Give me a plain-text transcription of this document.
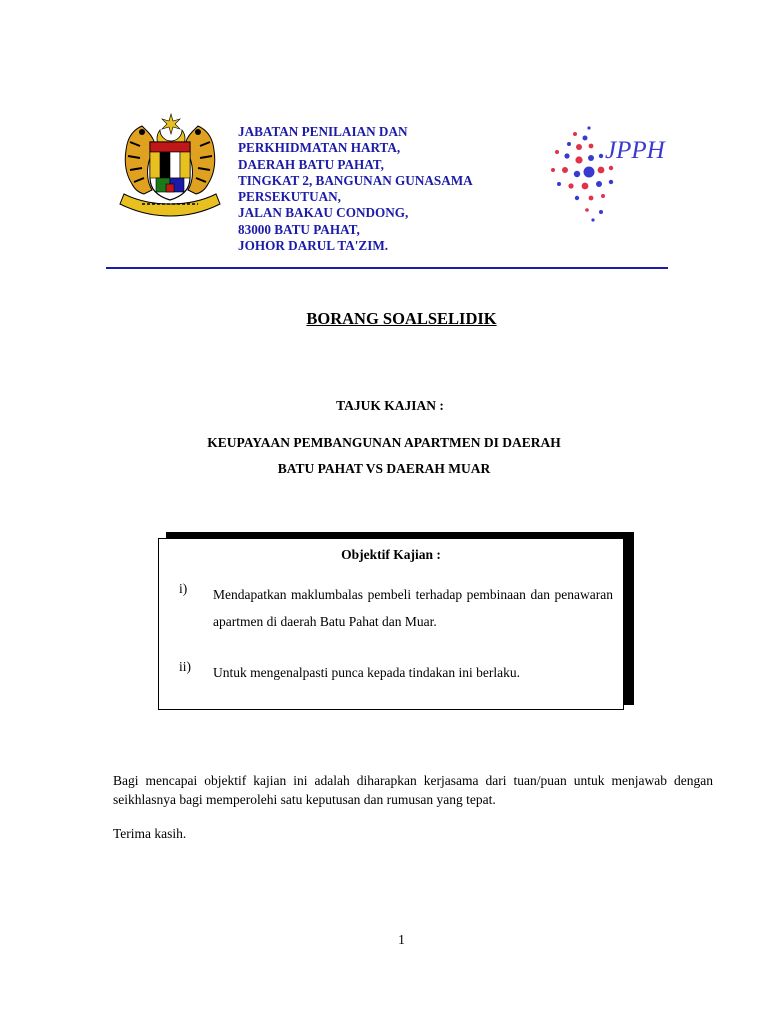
JABATAN PENILAIAN DAN
PERKHIDMATAN HARTA,
DAERAH BATU PAHAT,
TINGKAT 2, BANGUNAN GUNASAMA
PERSEKUTUAN,
JALAN BAKAU CONDONG,
83000 BATU PAHAT,
JOHOR DARUL TA'ZIM.
JPPH
BORANG SOALSELIDIK
TAJUK KAJIAN :
KEUPAYAAN PEMBANGUNAN APARTMEN DI DAERAH
BATU PAHAT VS DAERAH MUAR
Objektif Kajian :
i) Mendapatkan maklumbalas pembeli terhadap pembinaan dan penawaran apartmen di daerah Batu Pahat dan Muar.
ii) Untuk mengenalpasti punca kepada tindakan ini berlaku.
Bagi mencapai objektif kajian ini adalah diharapkan kerjasama dari tuan/puan untuk menjawab dengan seikhlasnya bagi memperolehi satu keputusan dan rumusan yang tepat.
Terima kasih.
1
